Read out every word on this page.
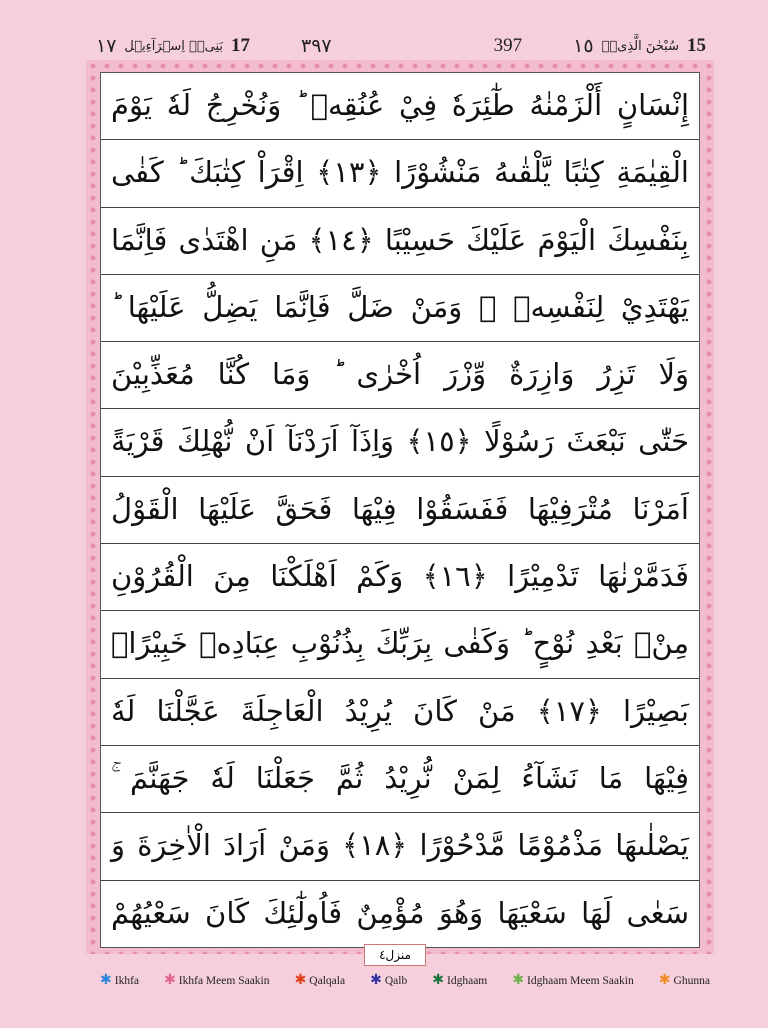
١٧ بَنِیۡۤ اِسۡرَآءِیۡل 17	٣٩٧	397	١٥ سُبْحٰنَ الَّذِیۡۤ 15
إِنْسَانٍ أَلْزَمْنٰهُ طٰٓئِرَهٗ فِيْ عُنُقِهٖ ؕ وَنُخْرِجُ لَهٗ يَوْمَ
الْقِيٰمَةِ كِتٰبًا يَّلْقٰىهُ مَنْشُوْرًا ﴿١٣﴾ اِقْرَاْ كِتٰبَكَ ؕ كَفٰى
بِنَفْسِكَ الْيَوْمَ عَلَيْكَ حَسِيْبًا ﴿١٤﴾ مَنِ اهْتَدٰى فَاِنَّمَا
يَهْتَدِيْ لِنَفْسِهٖ ۚ وَمَنْ ضَلَّ فَاِنَّمَا يَضِلُّ عَلَيْهَا ؕ
وَلَا تَزِرُ وَازِرَةٌ وِّزْرَ اُخْرٰى ؕ وَمَا كُنَّا مُعَذِّبِيْنَ
حَتّٰى نَبْعَثَ رَسُوْلًا ﴿١٥﴾ وَاِذَآ اَرَدْنَآ اَنْ نُّهْلِكَ قَرْيَةً
اَمَرْنَا مُتْرَفِيْهَا فَفَسَقُوْا فِيْهَا فَحَقَّ عَلَيْهَا الْقَوْلُ
فَدَمَّرْنٰهَا تَدْمِيْرًا ﴿١٦﴾ وَكَمْ اَهْلَكْنَا مِنَ الْقُرُوْنِ
مِنْۢ بَعْدِ نُوْحٍ ؕ وَكَفٰى بِرَبِّكَ بِذُنُوْبِ عِبَادِهٖ خَبِيْرًاۢ
بَصِيْرًا ﴿١٧﴾ مَنْ كَانَ يُرِيْدُ الْعَاجِلَةَ عَجَّلْنَا لَهٗ
فِيْهَا مَا نَشَآءُ لِمَنْ نُّرِيْدُ ثُمَّ جَعَلْنَا لَهٗ جَهَنَّمَ ۚ
يَصْلٰىهَا مَذْمُوْمًا مَّدْحُوْرًا ﴿١٨﴾ وَمَنْ اَرَادَ الْاٰخِرَةَ وَ
سَعٰى لَهَا سَعْيَهَا وَهُوَ مُؤْمِنٌ فَاُولٰٓئِكَ كَانَ سَعْيُهُمْ
منزل٤
✱ Ikhfa ✱ Ikhfa Meem Saakin ✱ Qalqala ✱ Qalb ✱ Idghaam ✱ Idghaam Meem Saakin ✱ Ghunna
